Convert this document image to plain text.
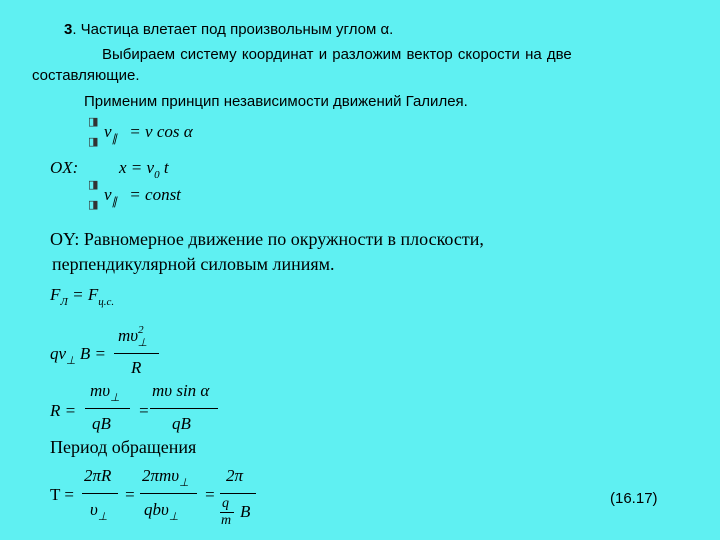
3. Частица влетает под произвольным углом α.
Выбираем систему координат и разложим вектор скорости на две
составляющие.
Применим принцип независимости движений Галилея.
◨
◨
◨
◨
$v_\parallel = v$ cos α
OX: $x = v_0$ t
$v_\parallel$ = const
OY: Равномерное движение по окружности в плоскости,
перпендикулярной силовым линиям.
$F_Л = F_{ц.с.}$
$qv_\perp$ B =
$m\upsilon^2_\perp$
R
R =
$m\upsilon_\perp$
qB
=
mυ sin α
qB
Период обращения
T =
2πR
$\upsilon_\perp$
=
2πmυ$_\perp$
qbυ$_\perp$
=
2π
q
m B
(16.17)
